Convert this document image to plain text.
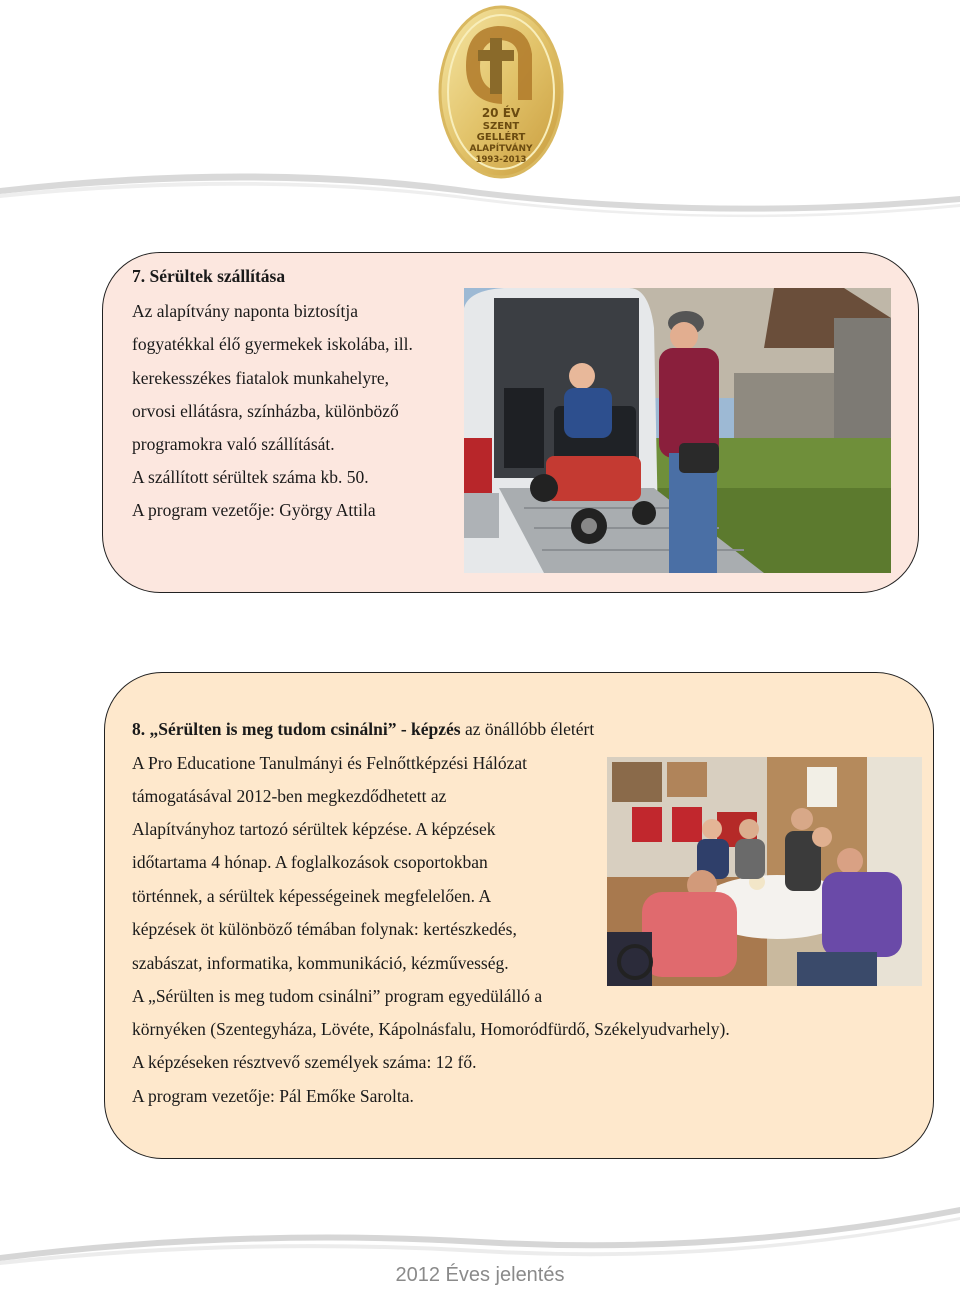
20 ÉV
SZENT
GELLÉRT
ALAPÍTVÁNY
1993-2013
7. Sérültek szállítása
Az alapítvány naponta biztosítja
fogyatékkal élő gyermekek iskolába, ill.
kerekesszékes fiatalok munkahelyre,
orvosi ellátásra, színházba, különböző
programokra való szállítását.
A szállított sérültek száma kb. 50.
A program vezetője: György Attila
8. „Sérülten is meg tudom csinálni” - képzés az önállóbb életért
A Pro Educatione Tanulmányi és Felnőttképzési Hálózat
támogatásával 2012-ben megkezdődhetett az
Alapítványhoz tartozó sérültek képzése. A képzések
időtartama 4 hónap. A foglalkozások csoportokban
történnek, a sérültek képességeinek megfelelően. A
képzések öt különböző témában folynak: kertészkedés,
szabászat, informatika, kommunikáció, kézművesség.
A „Sérülten is meg tudom csinálni” program egyedülálló a
környéken (Szentegyháza, Lövéte, Kápolnásfalu, Homoródfürdő, Székelyudvarhely).
A képzéseken résztvevő személyek száma: 12 fő.
A program vezetője: Pál Emőke Sarolta.
2012 Éves jelentés
